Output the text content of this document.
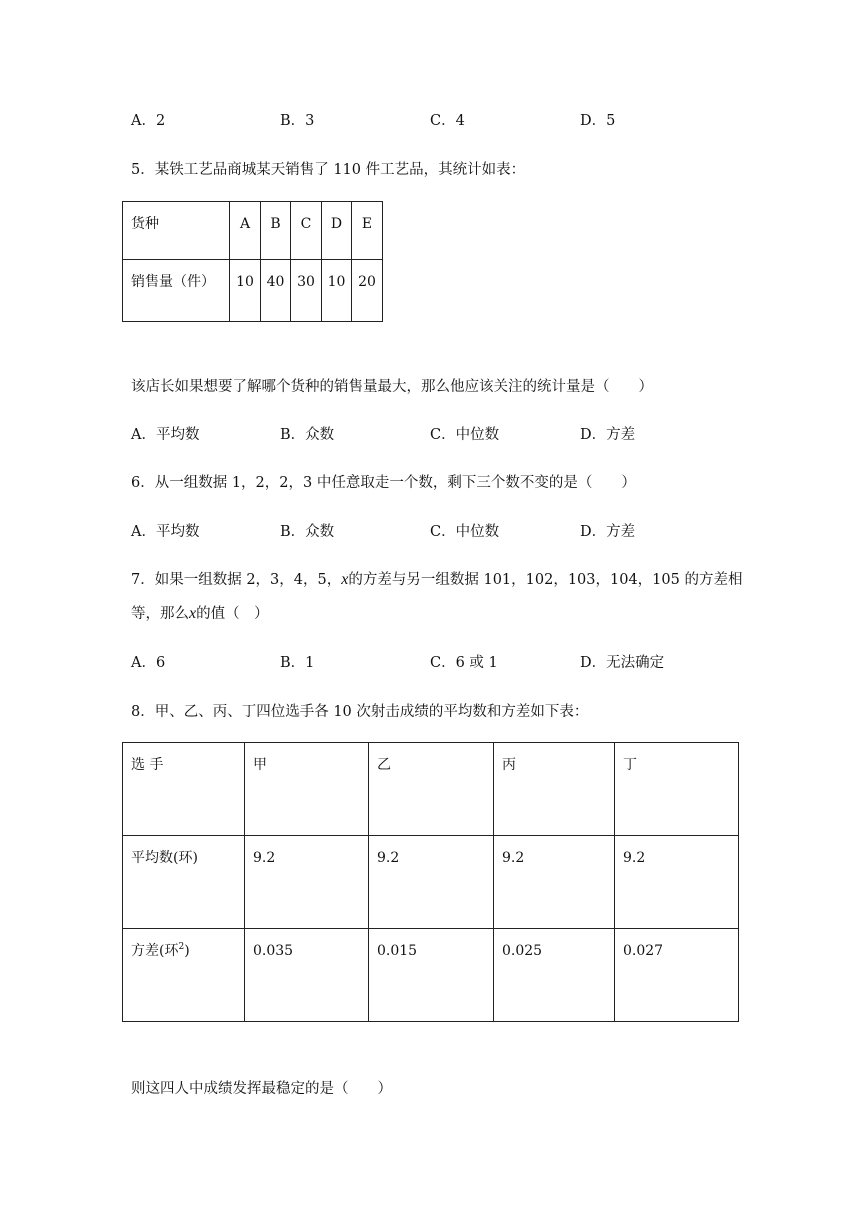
A．2	B．3	C．4	D．5
5．某铁工艺品商城某天销售了 110 件工艺品，其统计如表：
货种	A	B	C	D	E
销售量（件）	10	40	30	10	20
该店长如果想要了解哪个货种的销售量最大，那么他应该关注的统计量是（　　）
A．平均数	B．众数	C．中位数	D．方差
6．从一组数据 1，2，2，3 中任意取走一个数，剩下三个数不变的是（　　）
A．平均数	B．众数	C．中位数	D．方差
7．如果一组数据 2，3，4，5，x的方差与另一组数据 101，102，103，104，105 的方差相
等，那么x的值（　）
A．6	B．1	C．6 或 1	D．无法确定
8．甲、乙、丙、丁四位选手各 10 次射击成绩的平均数和方差如下表：
选 手	甲	乙	丙	丁
平均数(环)	9.2	9.2	9.2	9.2
方差(环$^2$)	0.035	0.015	0.025	0.027
则这四人中成绩发挥最稳定的是（　　）
